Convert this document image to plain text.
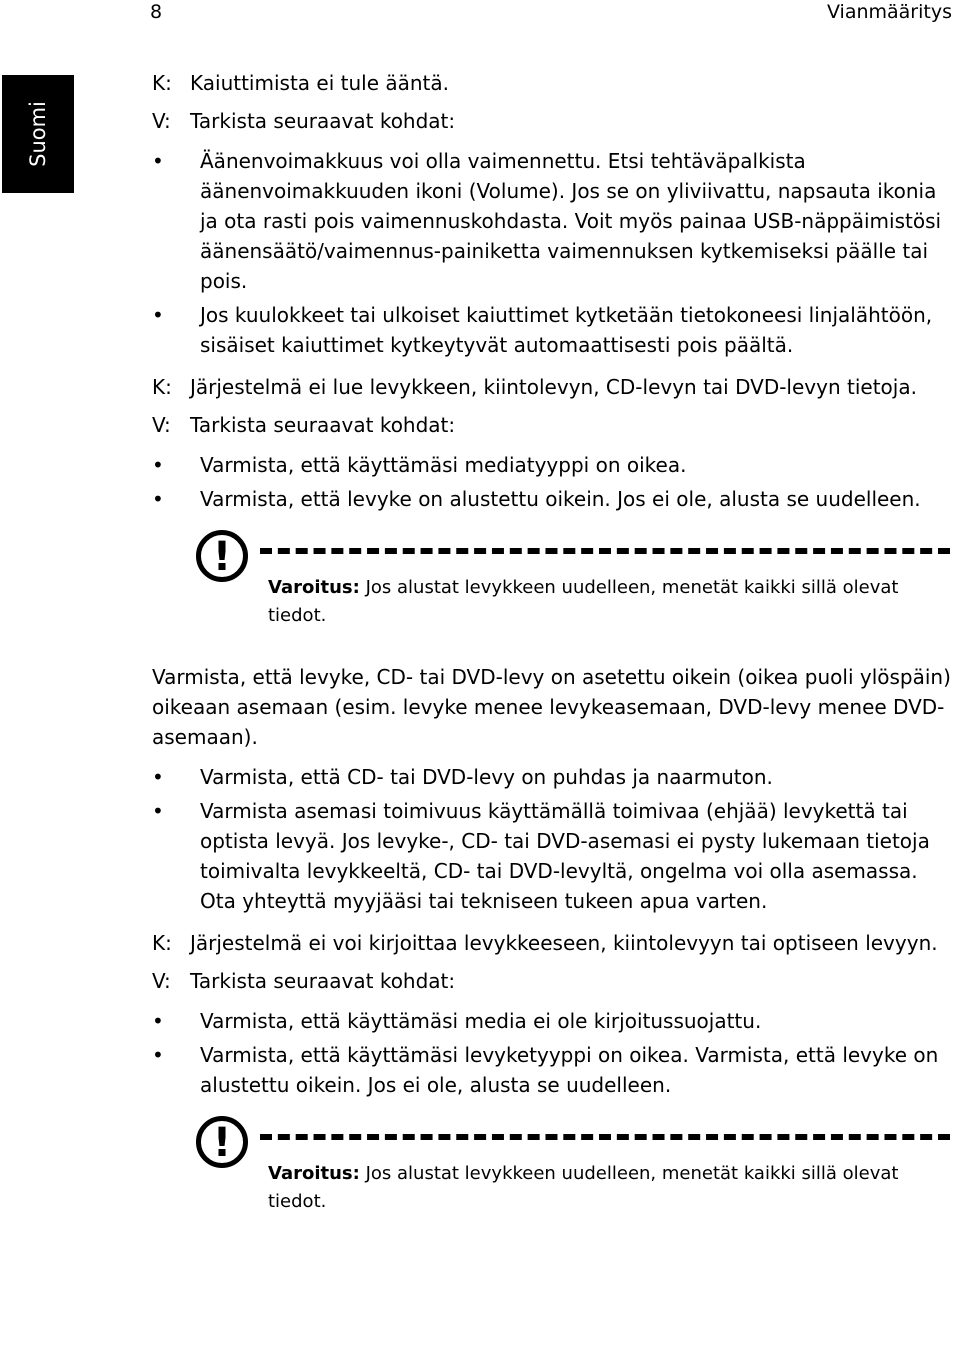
8	Vianmääritys
Suomi
K: Kaiuttimista ei tule ääntä.
V: Tarkista seuraavat kohdat:
•
Äänenvoimakkuus voi olla vaimennettu. Etsi tehtäväpalkista äänenvoimakkuuden ikoni (Volume). Jos se on yliviivattu, napsauta ikonia ja ota rasti pois vaimennuskohdasta. Voit myös painaa USB-näppäimistösi äänensäätö/vaimennus-painiketta vaimennuksen kytkemiseksi päälle tai pois.
•
Jos kuulokkeet tai ulkoiset kaiuttimet kytketään tietokoneesi linjalähtöön, sisäiset kaiuttimet kytkeytyvät automaattisesti pois päältä.
K: Järjestelmä ei lue levykkeen, kiintolevyn, CD-levyn tai DVD-levyn tietoja.
V: Tarkista seuraavat kohdat:
•
Varmista, että käyttämäsi mediatyyppi on oikea.
•
Varmista, että levyke on alustettu oikein. Jos ei ole, alusta se uudelleen.
!
Varoitus: Jos alustat levykkeen uudelleen, menetät kaikki sillä olevat tiedot.
Varmista, että levyke, CD- tai DVD-levy on asetettu oikein (oikea puoli ylöspäin) oikeaan asemaan (esim. levyke menee levykeasemaan, DVD-levy menee DVD-asemaan).
•
Varmista, että CD- tai DVD-levy on puhdas ja naarmuton.
•
Varmista asemasi toimivuus käyttämällä toimivaa (ehjää) levykettä tai optista levyä. Jos levyke-, CD- tai DVD-asemasi ei pysty lukemaan tietoja toimivalta levykkeeltä, CD- tai DVD-levyltä, ongelma voi olla asemassa. Ota yhteyttä myyjääsi tai tekniseen tukeen apua varten.
K: Järjestelmä ei voi kirjoittaa levykkeeseen, kiintolevyyn tai optiseen levyyn.
V: Tarkista seuraavat kohdat:
•
Varmista, että käyttämäsi media ei ole kirjoitussuojattu.
•
Varmista, että käyttämäsi levyketyyppi on oikea. Varmista, että levyke on alustettu oikein. Jos ei ole, alusta se uudelleen.
!
Varoitus: Jos alustat levykkeen uudelleen, menetät kaikki sillä olevat tiedot.
